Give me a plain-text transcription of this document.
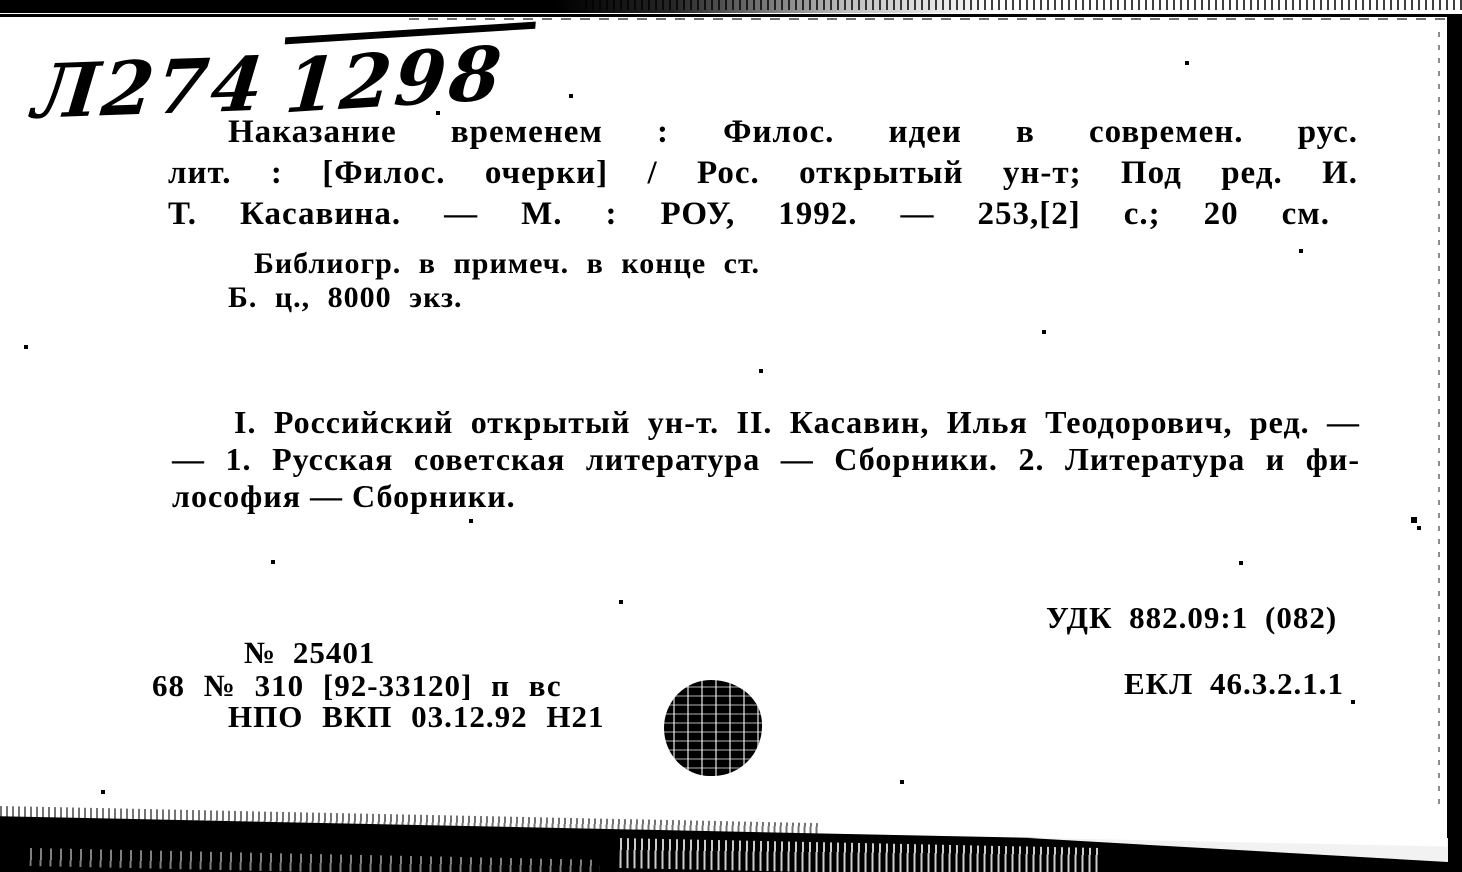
Л274 1298
Наказание временем : Филос. идеи в современ. рус.
лит. : [Филос. очерки] / Рос. открытый ун-т; Под ред. И.
Т. Касавина. — М. : РОУ, 1992. — 253,[2] с.; 20 см.
Библиогр. в примеч. в конце ст.
Б. ц., 8000 экз.
I. Российский открытый ун-т. II. Касавин, Илья Теодорович, ред. —
— 1. Русская советская литература — Сборники. 2. Литература и фи-
лософия — Сборники.
УДК 882.09:1 (082)
ЕКЛ 46.3.2.1.1
№ 25401
68 № 310 [92-33120] п вс
НПО ВКП 03.12.92 Н21
